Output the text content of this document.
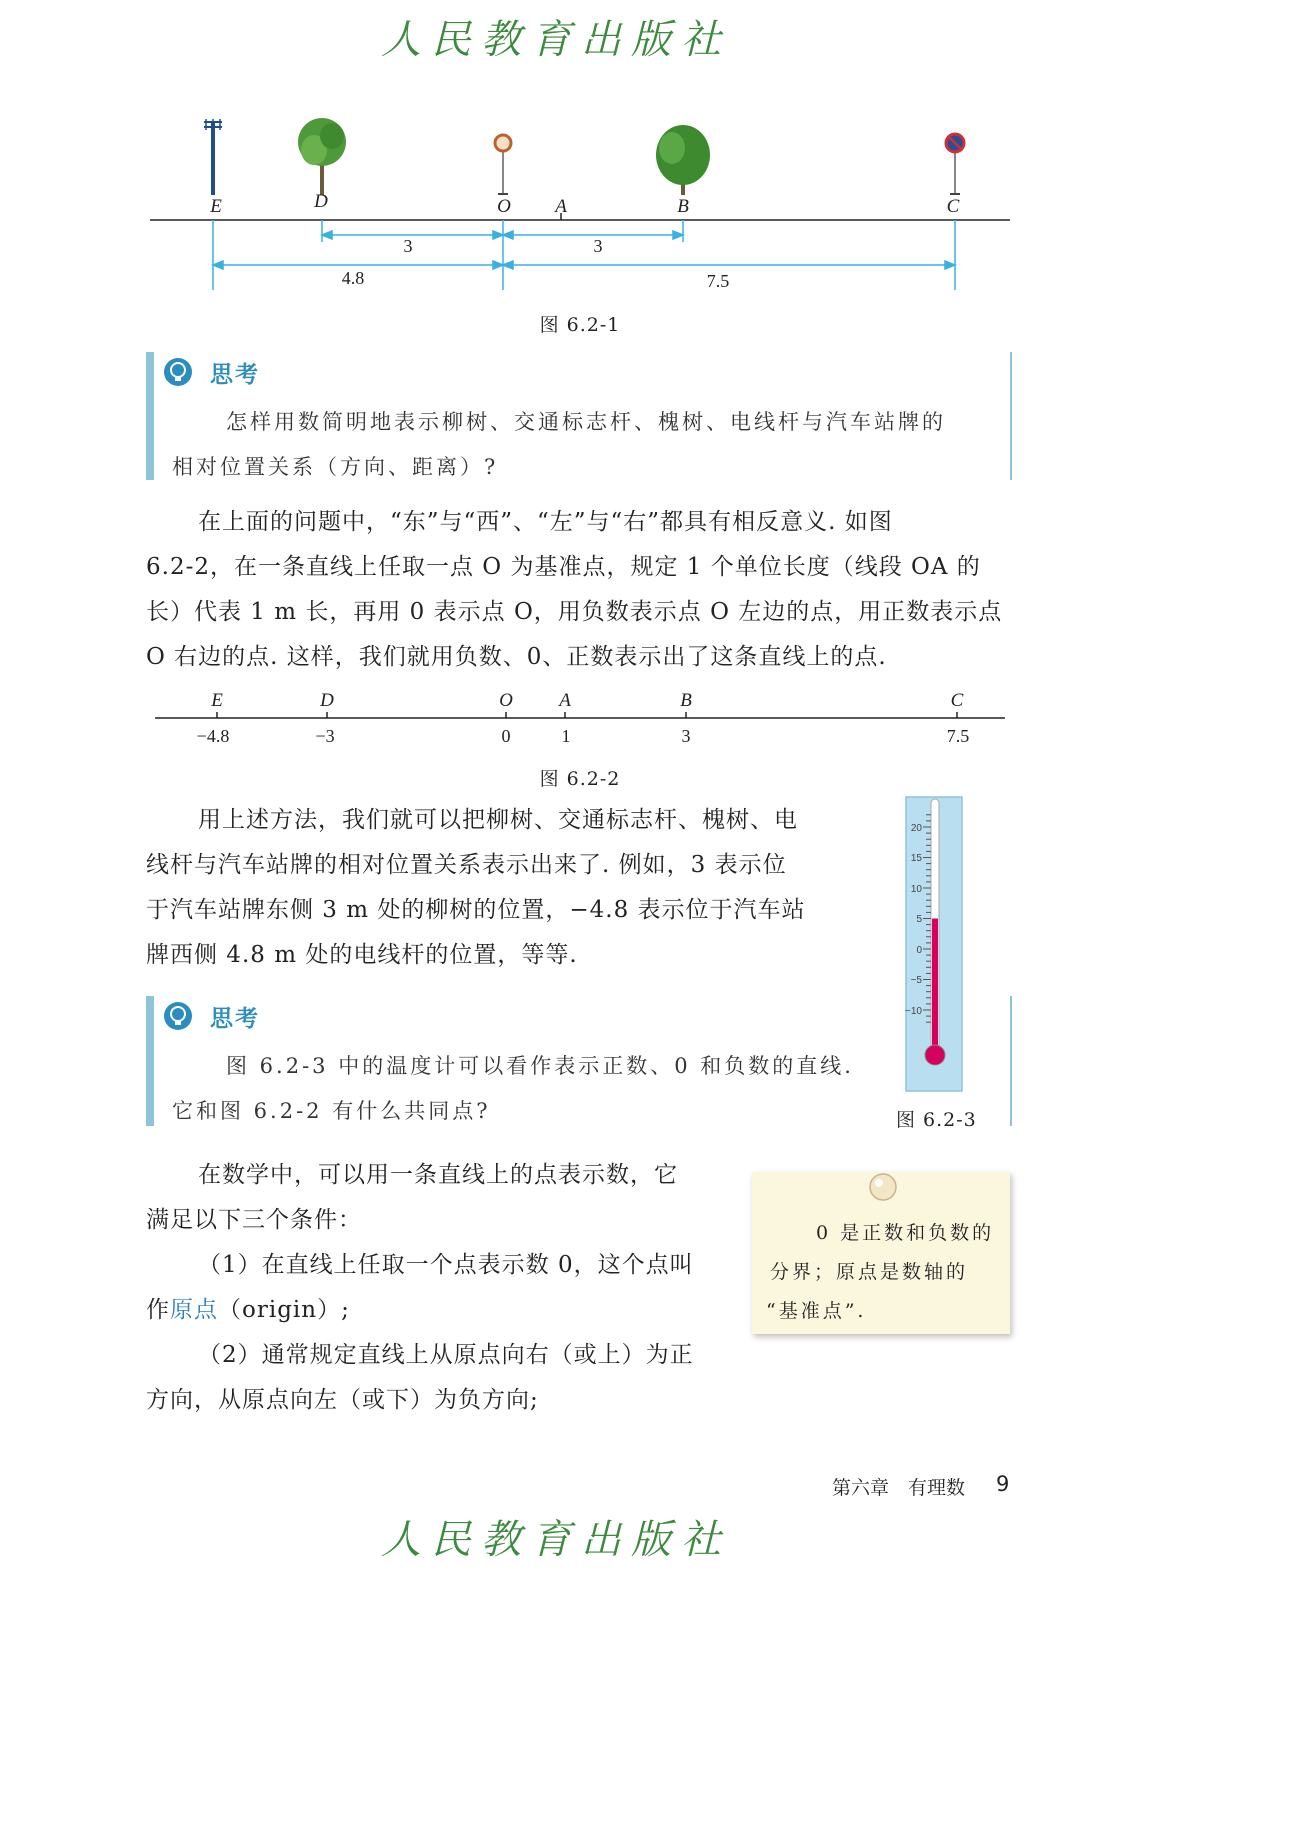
人民教育出版社
E	D	O A	B	C
3	3
4.8	7.5
图 6.2-1
思考
怎样用数简明地表示柳树、交通标志杆、槐树、电线杆与汽车站牌的
相对位置关系（方向、距离）?
在上面的问题中，“东”与“西”、“左”与“右”都具有相反意义. 如图
6.2-2，在一条直线上任取一点 O 为基准点，规定 1 个单位长度（线段 OA 的
长）代表 1 m 长，再用 0 表示点 O，用负数表示点 O 左边的点，用正数表示点
O 右边的点. 这样，我们就用负数、0、正数表示出了这条直线上的点.
E	D	O A	B	C
−4.8	−3	0	1	3	7.5
图 6.2-2
用上述方法，我们就可以把柳树、交通标志杆、槐树、电
线杆与汽车站牌的相对位置关系表示出来了. 例如，3 表示位
于汽车站牌东侧 3 m 处的柳树的位置，−4.8 表示位于汽车站
牌西侧 4.8 m 处的电线杆的位置，等等.
20
15
10
5
0
−5
−10
图 6.2-3
思考
图 6.2-3 中的温度计可以看作表示正数、0 和负数的直线.
它和图 6.2-2 有什么共同点?
在数学中，可以用一条直线上的点表示数，它
满足以下三个条件：
（1）在直线上任取一个点表示数 0，这个点叫
作原点（origin）;
（2）通常规定直线上从原点向右（或上）为正
方向，从原点向左（或下）为负方向;
0 是正数和负数的
分界；原点是数轴的
“基准点”.
第六章　有理数 9
人民教育出版社
